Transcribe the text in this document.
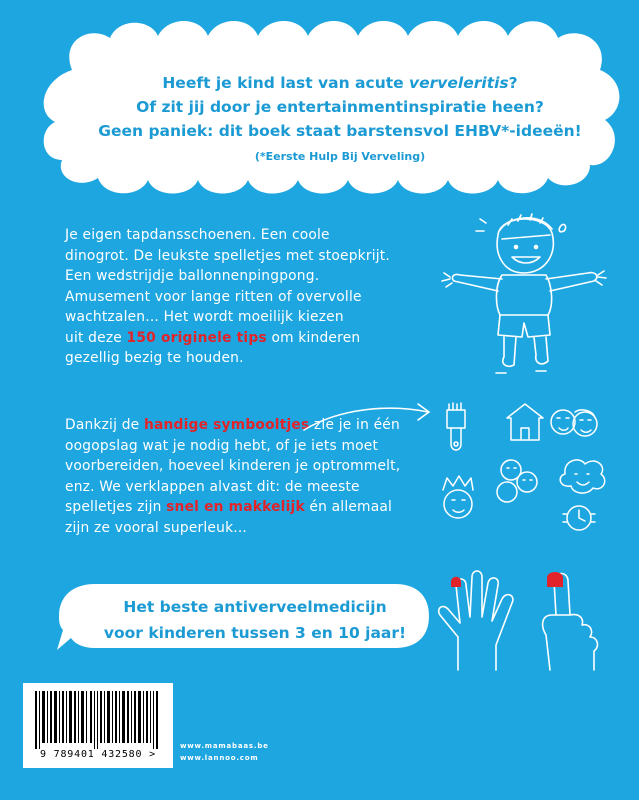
Heeft je kind last van acute verveleritis?
Of zit jij door je entertainmentinspiratie heen?
Geen paniek: dit boek staat barstensvol EHBV*-ideeën!
(*Eerste Hulp Bij Verveling)
Je eigen tapdansschoenen. Een coole
dinogrot. De leukste spelletjes met stoepkrijt.
Een wedstrijdje ballonnenpingpong.
Amusement voor lange ritten of overvolle
wachtzalen... Het wordt moeilijk kiezen
uit deze 150 originele tips om kinderen
gezellig bezig te houden.
Dankzij de handige symbooltjes zie je in één
oogopslag wat je nodig hebt, of je iets moet
voorbereiden, hoeveel kinderen je optrommelt,
enz. We verklappen alvast dit: de meeste
spelletjes zijn snel en makkelijk én allemaal
zijn ze vooral superleuk...
Het beste antiverveelmedicijn
voor kinderen tussen 3 en 10 jaar!
9 789401 432580 >
www.mamabaas.be
www.lannoo.com
